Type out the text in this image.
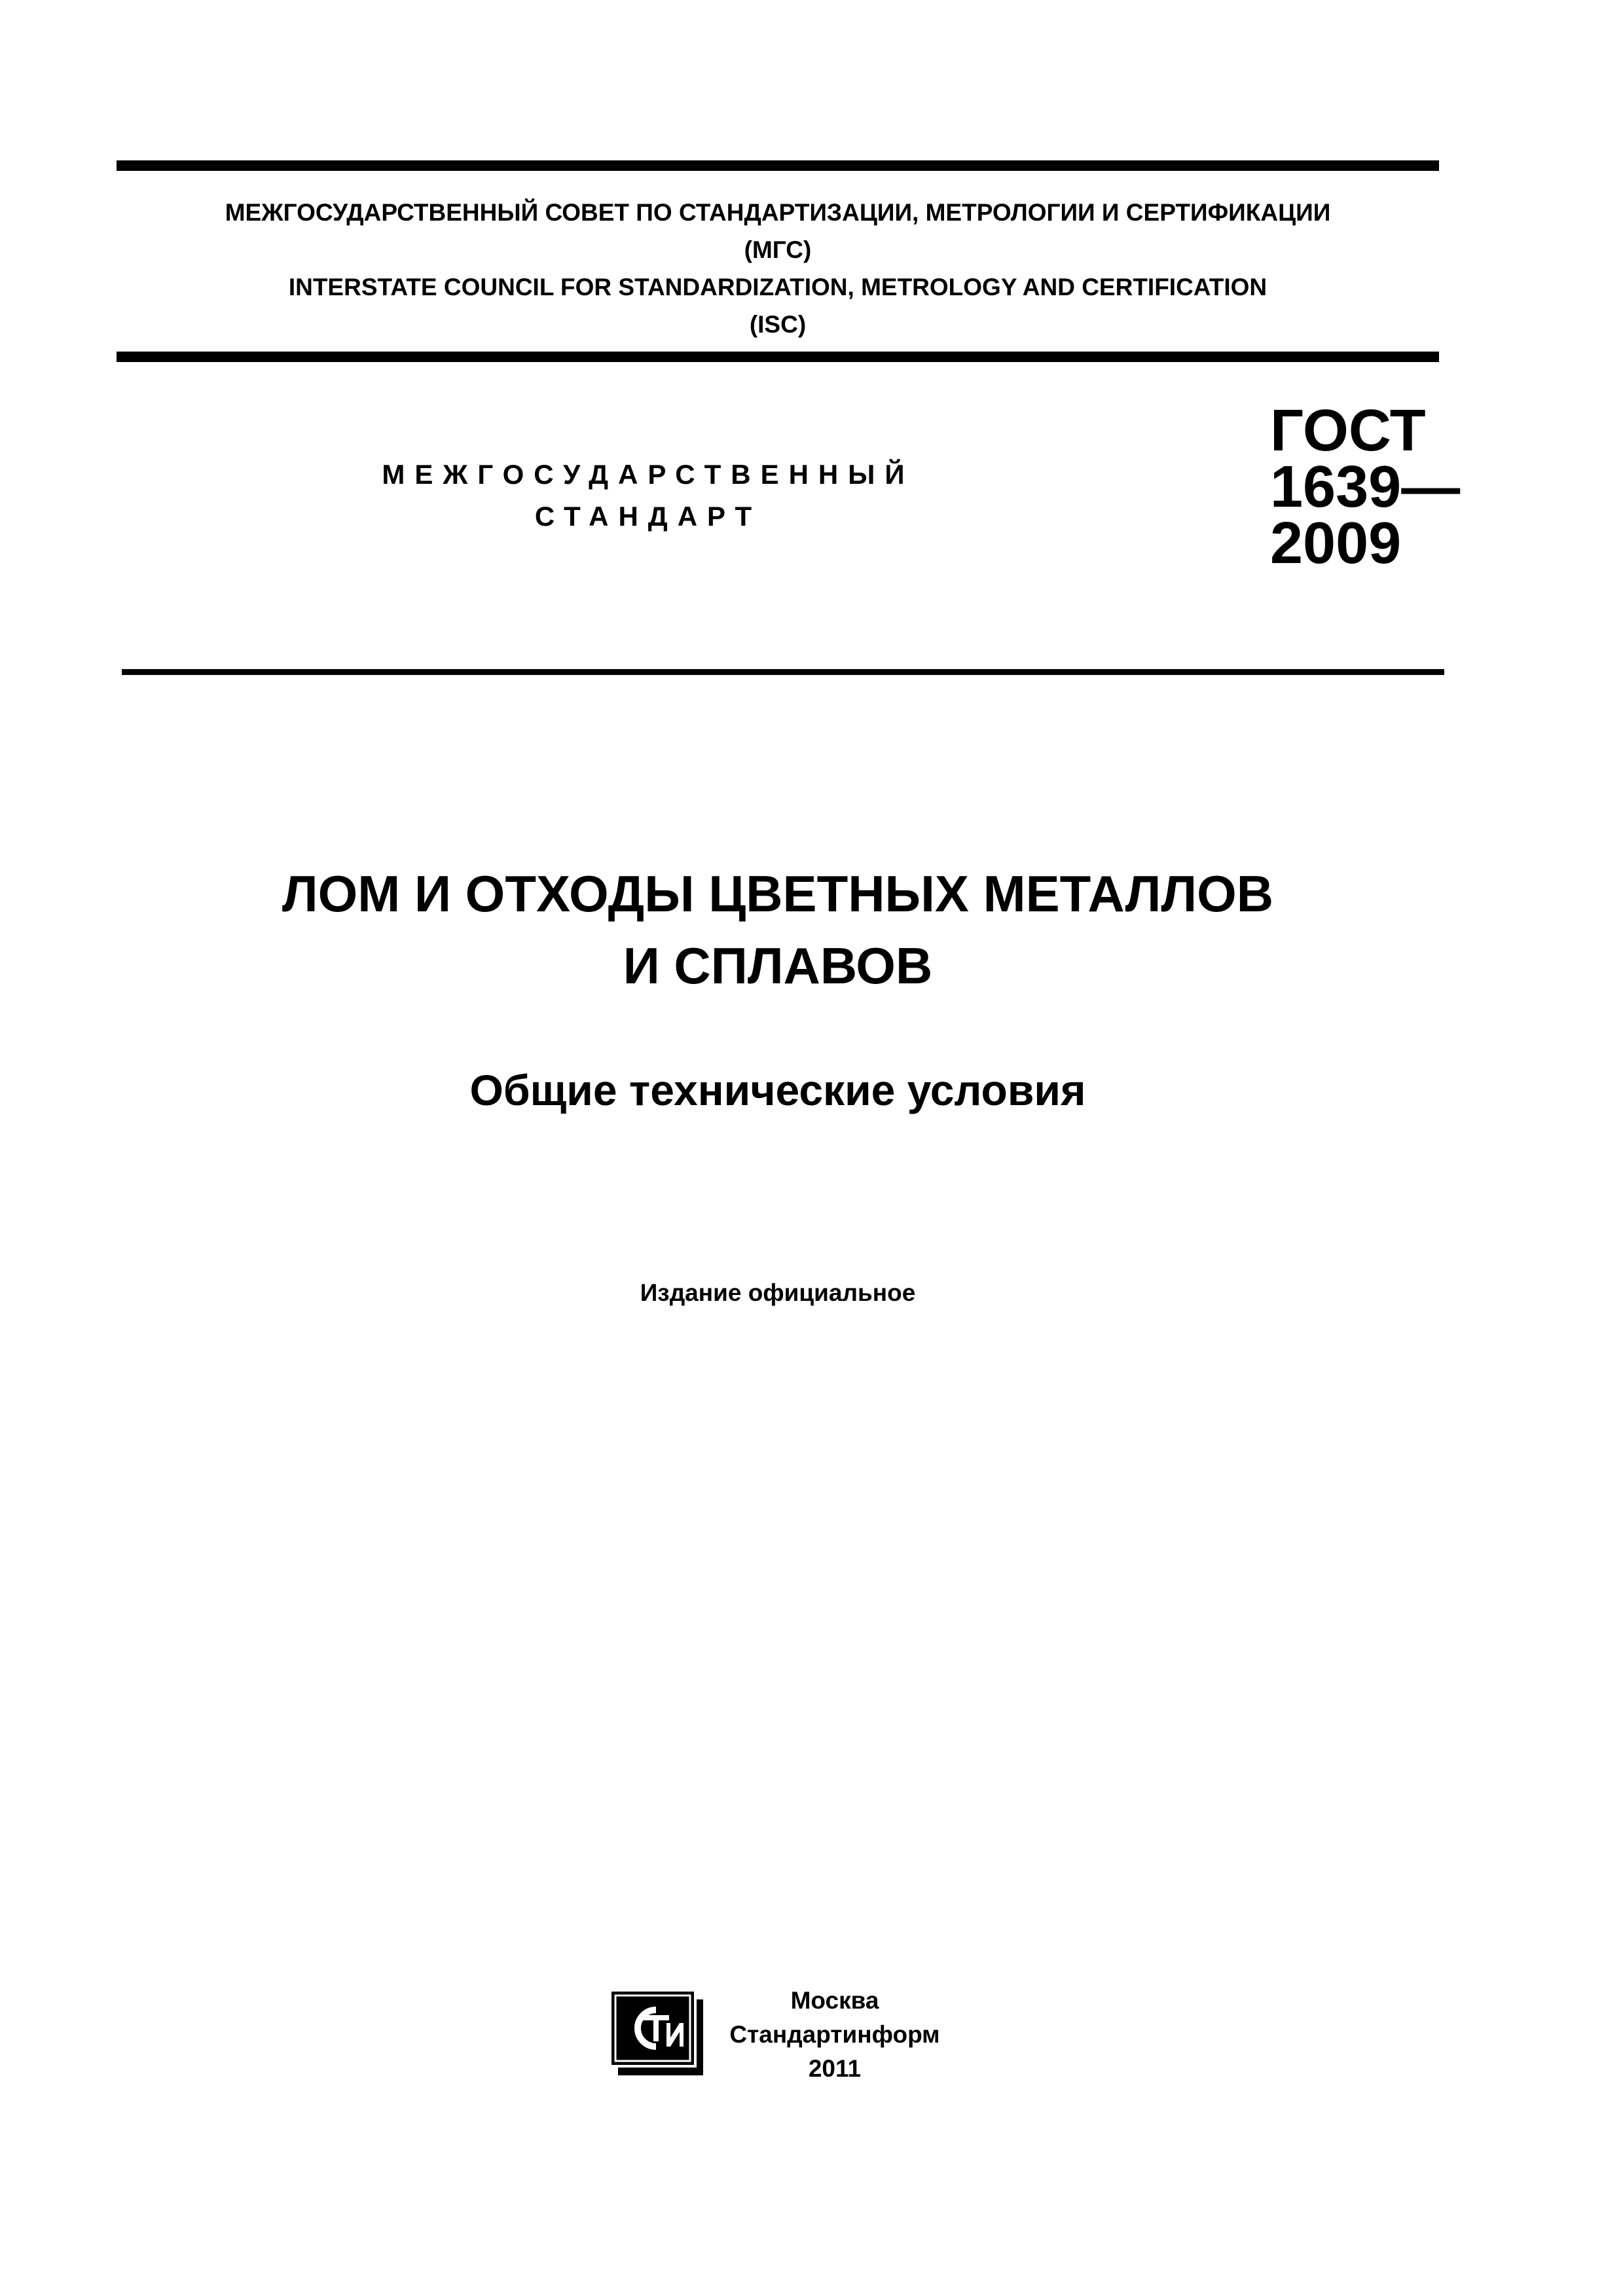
МЕЖГОСУДАРСТВЕННЫЙ СОВЕТ ПО СТАНДАРТИЗАЦИИ, МЕТРОЛОГИИ И СЕРТИФИКАЦИИ
(МГС)
INTERSTATE COUNCIL FOR STANDARDIZATION, METROLOGY AND CERTIFICATION
(ISC)
МЕЖГОСУДАРСТВЕННЫЙ
СТАНДАРТ
ГОСТ
1639—
2009
ЛОМ И ОТХОДЫ ЦВЕТНЫХ МЕТАЛЛОВ
И СПЛАВОВ
Общие технические условия
Издание официальное
Москва
Стандартинформ
2011
